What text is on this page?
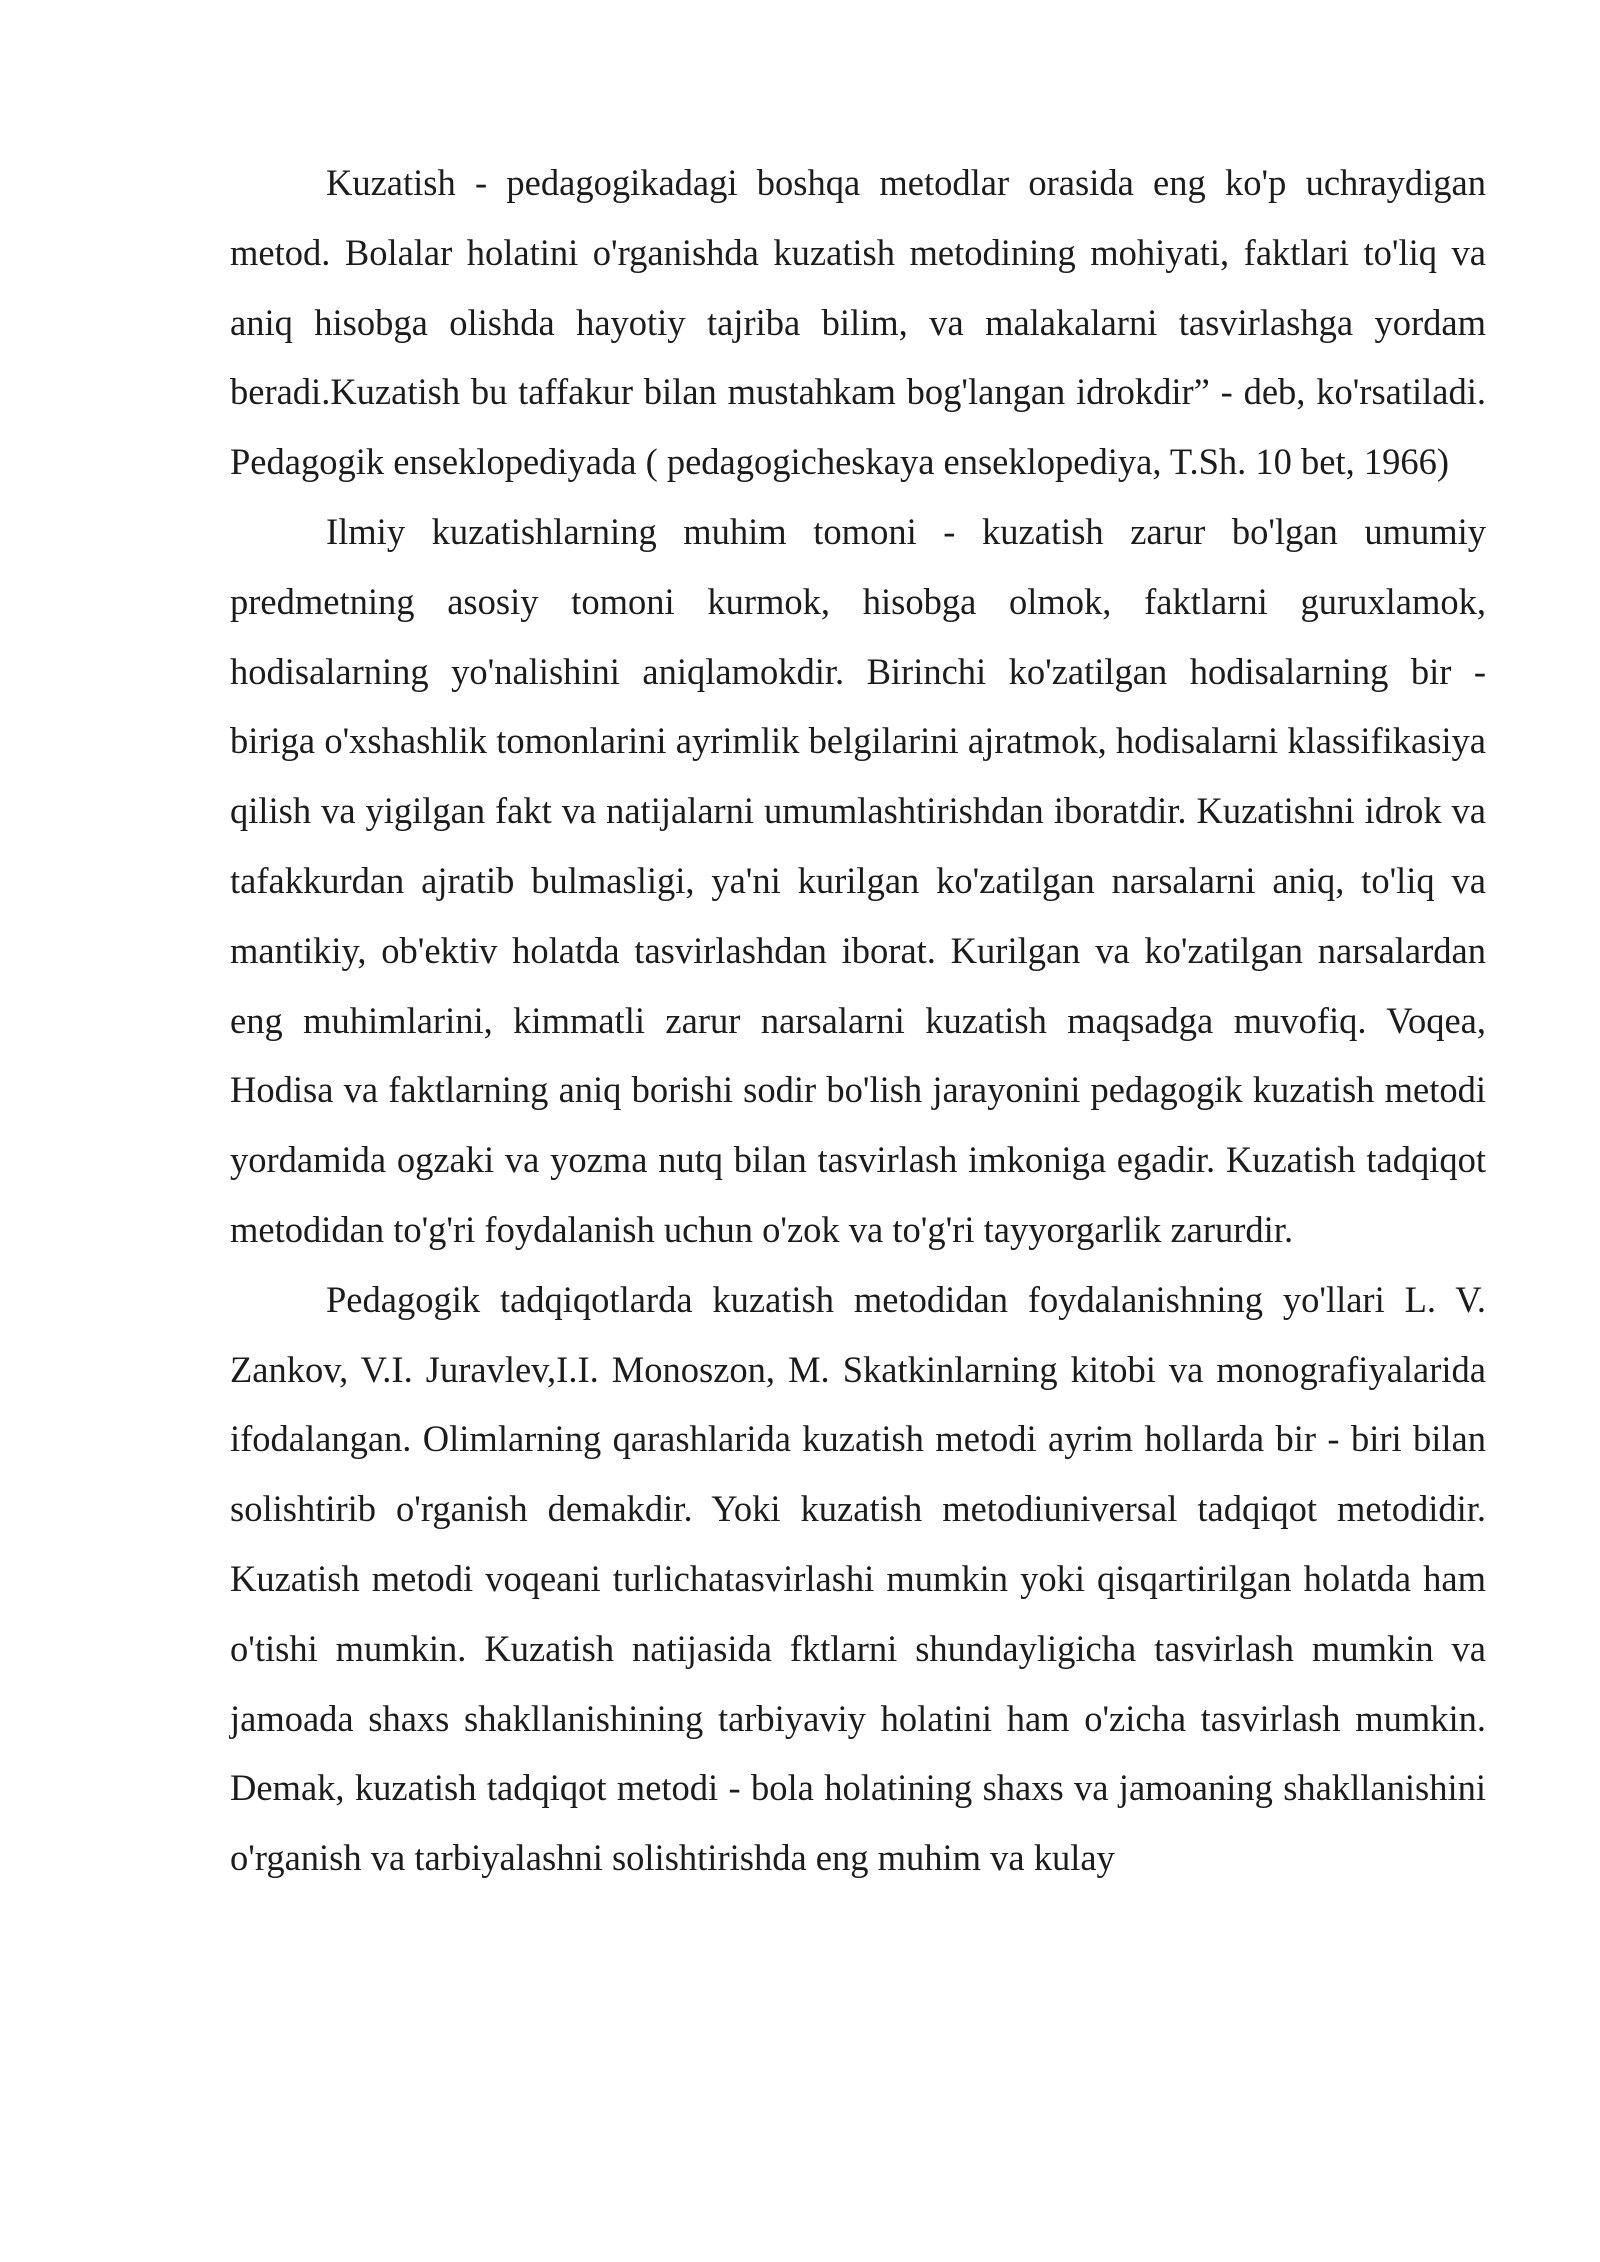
Kuzatish - pedagogikadagi boshqa metodlar orasida eng ko'p uchraydigan metod. Bolalar holatini o'rganishda kuzatish metodining mohiyati, faktlari to'liq va aniq hisobga olishda hayotiy tajriba bilim, va malakalarni tasvirlashga yordam beradi.Kuzatish bu taffakur bilan mustahkam bog'langan idrokdir” - deb, ko'rsatiladi. Pedagogik enseklopediyada ( pedagogicheskaya enseklopediya, T.Sh. 10 bet, 1966)

Ilmiy kuzatishlarning muhim tomoni - kuzatish zarur bo'lgan umumiy predmetning asosiy tomoni kurmok, hisobga olmok, faktlarni guruxlamok, hodisalarning yo'nalishini aniqlamokdir. Birinchi ko'zatilgan hodisalarning bir - biriga o'xshashlik tomonlarini ayrimlik belgilarini ajratmok, hodisalarni klassifikasiya qilish va yigilgan fakt va natijalarni umumlashtirishdan iboratdir. Kuzatishni idrok va tafakkurdan ajratib bulmasligi, ya'ni kurilgan ko'zatilgan narsalarni aniq, to'liq va mantikiy, ob'ektiv holatda tasvirlashdan iborat. Kurilgan va ko'zatilgan narsalardan eng muhimlarini, kimmatli zarur narsalarni kuzatish maqsadga muvofiq. Voqea, Hodisa va faktlarning aniq borishi sodir bo'lish jarayonini pedagogik kuzatish metodi yordamida ogzaki va yozma nutq bilan tasvirlash imkoniga egadir. Kuzatish tadqiqot metodidan to'g'ri foydalanish uchun o'zok va to'g'ri tayyorgarlik zarurdir.

Pedagogik tadqiqotlarda kuzatish metodidan foydalanishning yo'llari L. V. Zankov, V.I. Juravlev,I.I. Monoszon, M. Skatkinlarning kitobi va monografiyalarida ifodalangan. Olimlarning qarashlarida kuzatish metodi ayrim hollarda bir - biri bilan solishtirib o'rganish demakdir. Yoki kuzatish metodiuniversal tadqiqot metodidir. Kuzatish metodi voqeani turlichatasvirlashi mumkin yoki qisqartirilgan holatda ham o'tishi mumkin. Kuzatish natijasida fktlarni shundayligicha tasvirlash mumkin va jamoada shaxs shakllanishining tarbiyaviy holatini ham o'zicha tasvirlash mumkin. Demak, kuzatish tadqiqot metodi - bola holatining shaxs va jamoaning shakllanishini o'rganish va tarbiyalashni solishtirishda eng muhim va kulay
